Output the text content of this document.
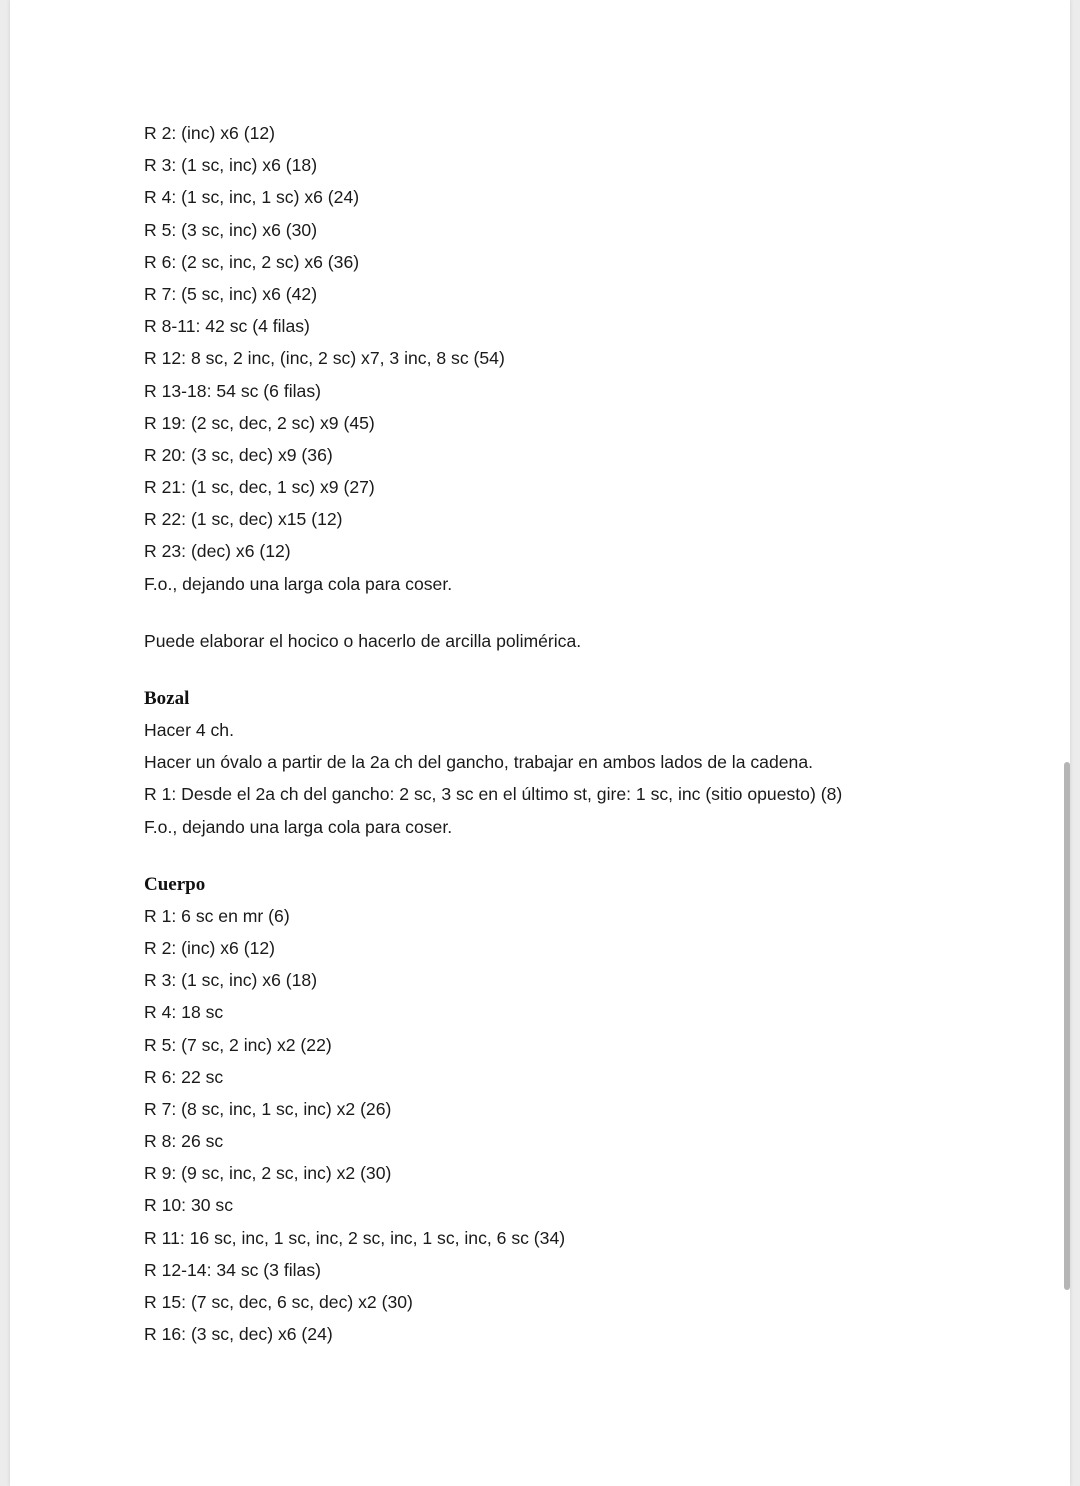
R 2: (inc) x6 (12)
R 3: (1 sc, inc) x6 (18)
R 4: (1 sc, inc, 1 sc) x6 (24)
R 5: (3 sc, inc) x6 (30)
R 6: (2 sc, inc, 2 sc) x6 (36)
R 7: (5 sc, inc) x6 (42)
R 8-11: 42 sc (4 filas)
R 12: 8 sc, 2 inc, (inc, 2 sc) x7, 3 inc, 8 sc (54)
R 13-18: 54 sc (6 filas)
R 19: (2 sc, dec, 2 sc) x9 (45)
R 20: (3 sc, dec) x9 (36)
R 21: (1 sc, dec, 1 sc) x9 (27)
R 22: (1 sc, dec) x15 (12)
R 23: (dec) x6 (12)
F.o., dejando una larga cola para coser.
Puede elaborar el hocico o hacerlo de arcilla polimérica.
Bozal
Hacer 4 ch.
Hacer un óvalo a partir de la 2a ch del gancho, trabajar en ambos lados de la cadena.
R 1: Desde el 2a ch del gancho: 2 sc, 3 sc en el último st, gire: 1 sc, inc (sitio opuesto) (8)
F.o., dejando una larga cola para coser.
Cuerpo
R 1: 6 sc en mr (6)
R 2: (inc) x6 (12)
R 3: (1 sc, inc) x6 (18)
R 4: 18 sc
R 5: (7 sc, 2 inc) x2 (22)
R 6: 22 sc
R 7: (8 sc, inc, 1 sc, inc) x2 (26)
R 8: 26 sc
R 9: (9 sc, inc, 2 sc, inc) x2 (30)
R 10: 30 sc
R 11: 16 sc, inc, 1 sc, inc, 2 sc, inc, 1 sc, inc, 6 sc (34)
R 12-14: 34 sc (3 filas)
R 15: (7 sc, dec, 6 sc, dec) x2 (30)
R 16: (3 sc, dec) x6 (24)
